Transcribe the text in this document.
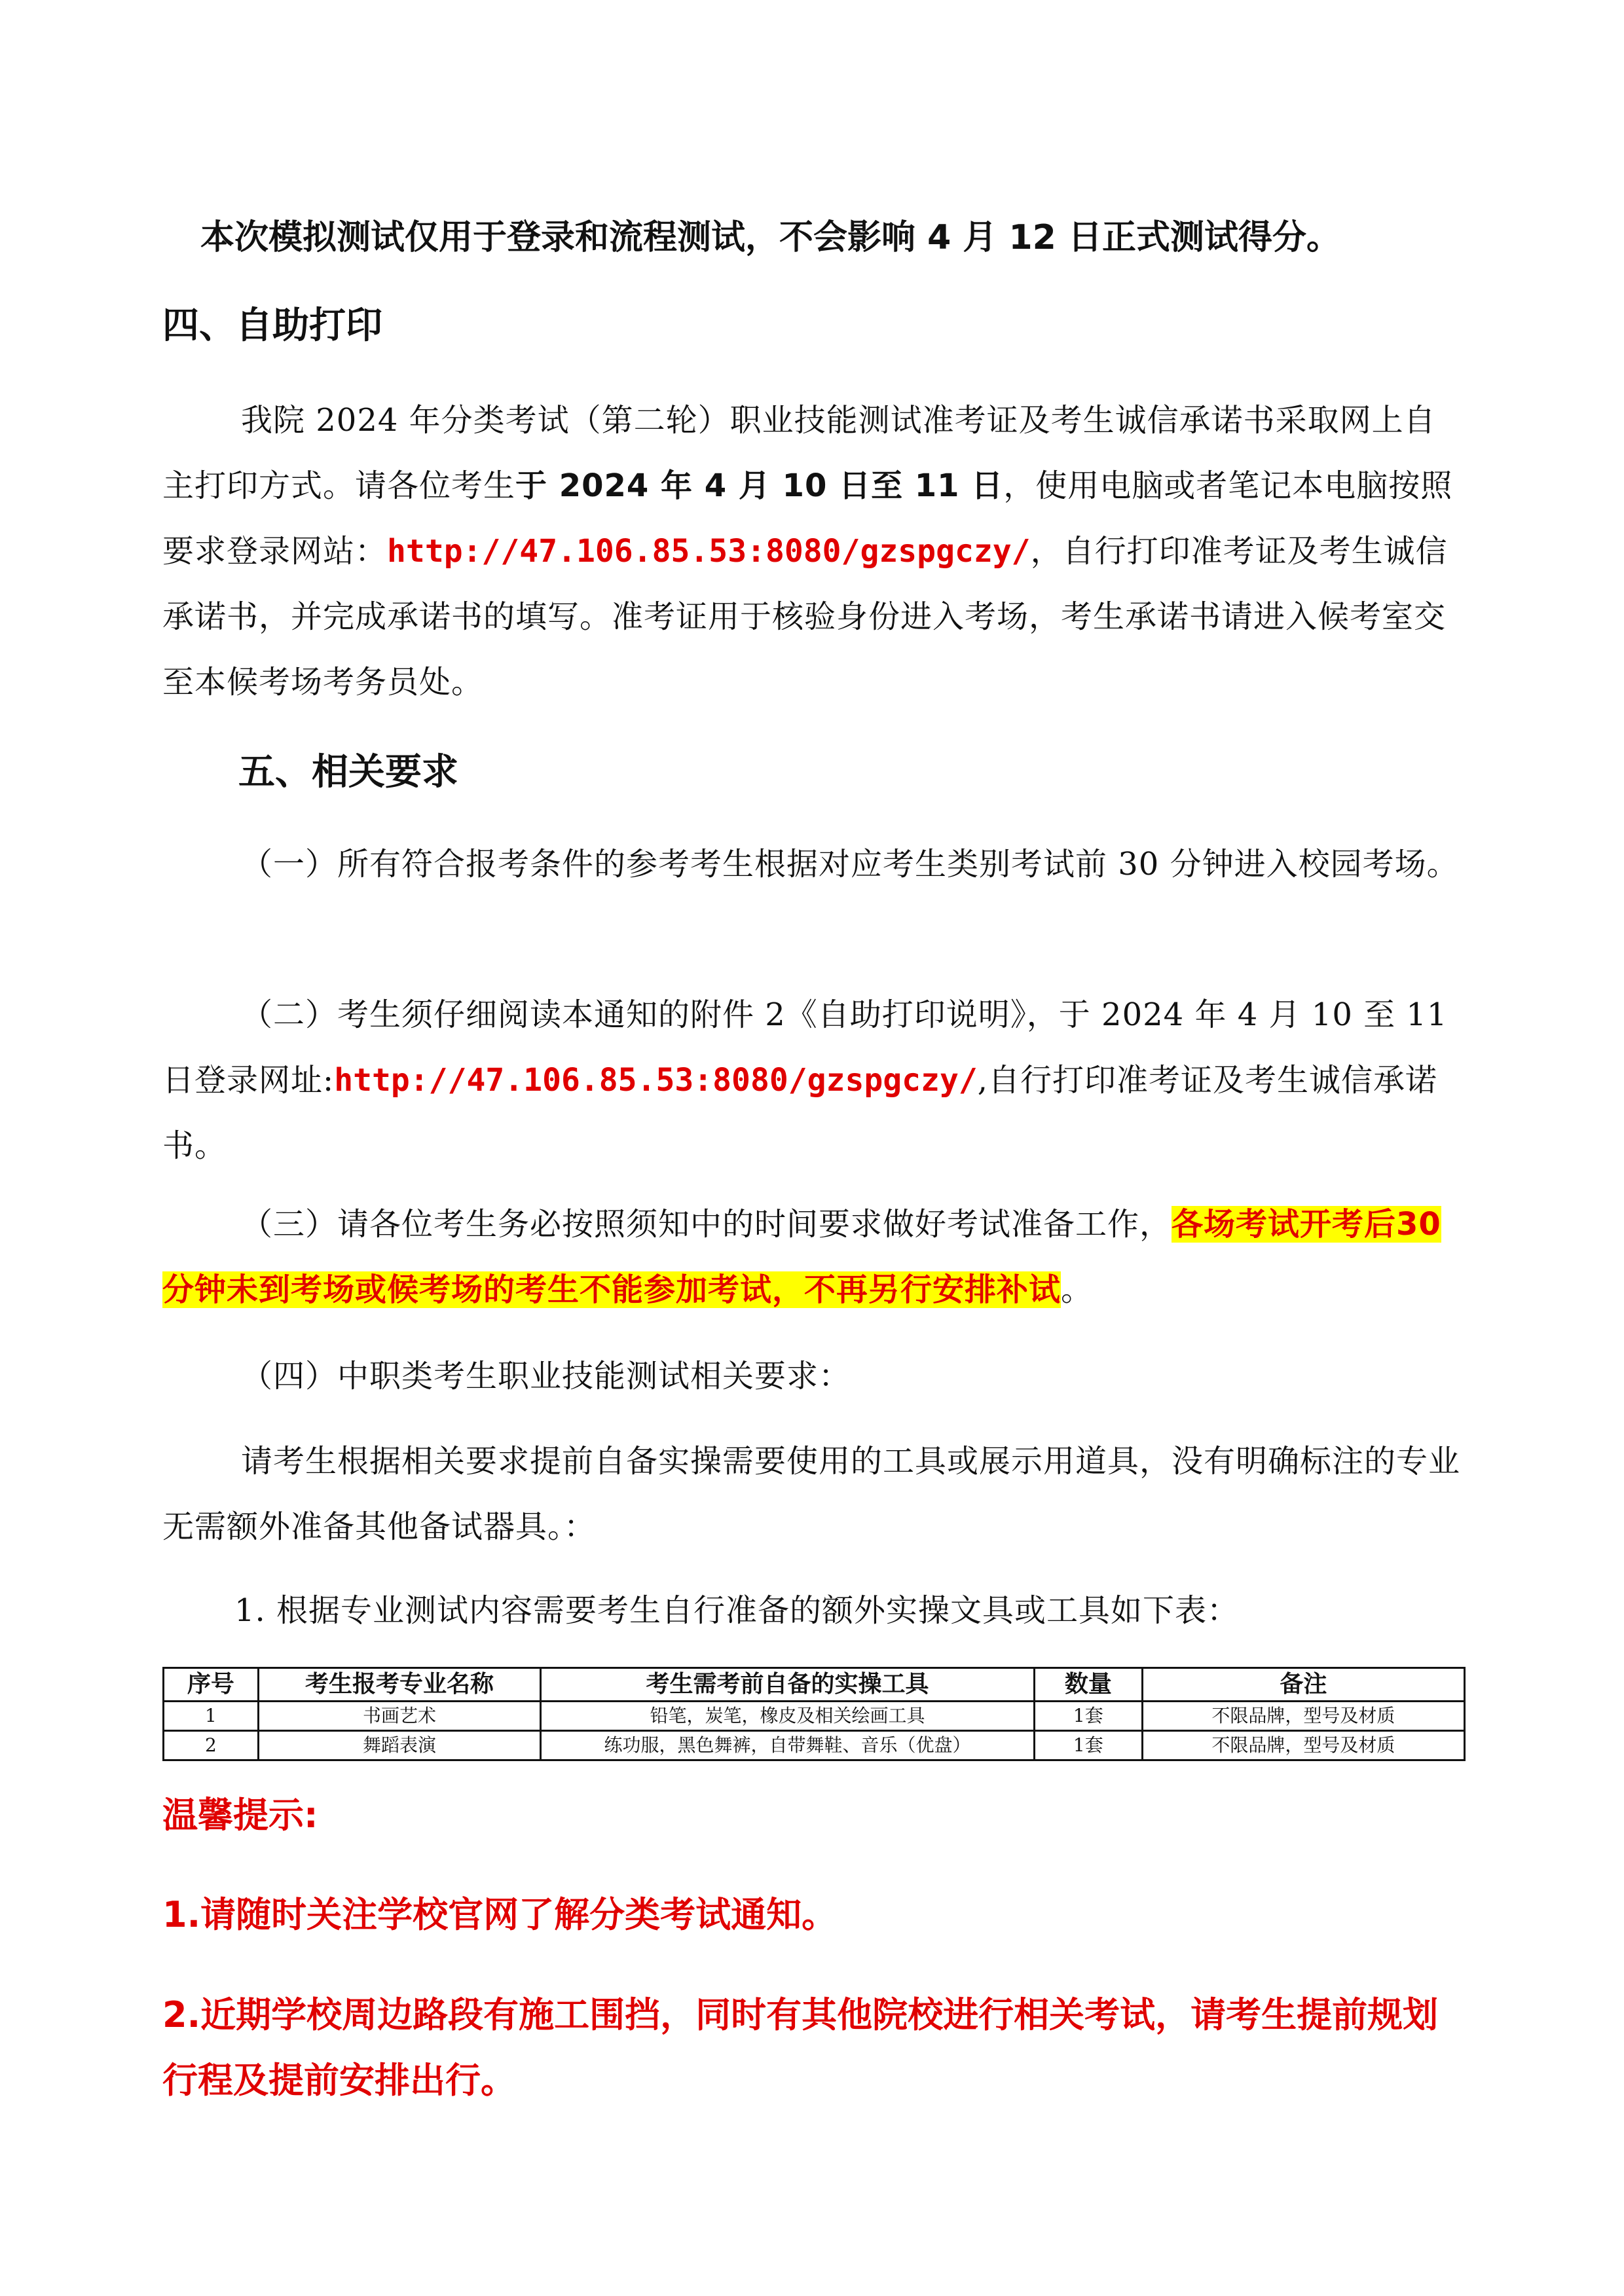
本次模拟测试仅用于登录和流程测试，不会影响 4 月 12 日正式测试得分。
四、自助打印
我院 2024 年分类考试（第二轮）职业技能测试准考证及考生诚信承诺书采取网上自主打印方式。请各位考生于 2024 年 4 月 10 日至 11 日，使用电脑或者笔记本电脑按照要求登录网站：http://47.106.85.53:8080/gzspgczy/，自行打印准考证及考生诚信承诺书，并完成承诺书的填写。准考证用于核验身份进入考场，考生承诺书请进入候考室交至本候考场考务员处。
五、相关要求
（一）所有符合报考条件的参考考生根据对应考生类别考试前 30 分钟进入校园考场。
（二）考生须仔细阅读本通知的附件 2《自助打印说明》，于 2024 年 4 月 10 至 11 日登录网址:http://47.106.85.53:8080/gzspgczy/,自行打印准考证及考生诚信承诺书。
（三）请各位考生务必按照须知中的时间要求做好考试准备工作，各场考试开考后30 分钟未到考场或候考场的考生不能参加考试，不再另行安排补试。
（四）中职类考生职业技能测试相关要求：
请考生根据相关要求提前自备实操需要使用的工具或展示用道具，没有明确标注的专业无需额外准备其他备试器具。：
1. 根据专业测试内容需要考生自行准备的额外实操文具或工具如下表：
序号	考生报考专业名称	考生需考前自备的实操工具	数量	备注
1	书画艺术	铅笔，炭笔，橡皮及相关绘画工具	1套	不限品牌，型号及材质
2	舞蹈表演	练功服，黑色舞裤，自带舞鞋、音乐（优盘）	1套	不限品牌，型号及材质
温馨提示:
1.请随时关注学校官网了解分类考试通知。
2.近期学校周边路段有施工围挡，同时有其他院校进行相关考试，请考生提前规划行程及提前安排出行。
